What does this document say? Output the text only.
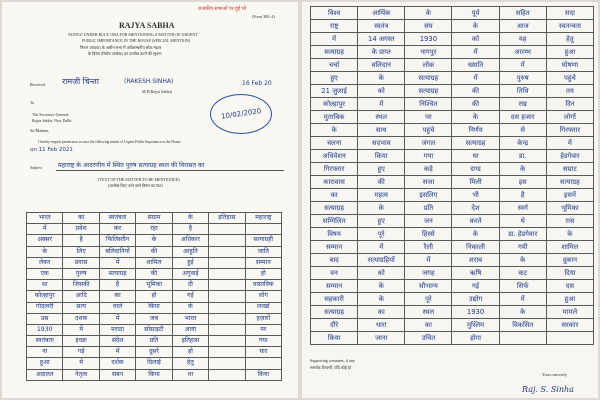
राजकीय सभाओं पर हुई भी
(Form 3BL-4)
RAJYA SABHA
NOTICE UNDER RULE 180A FOR MENTIONING A MATTER OF URGENT
PUBLIC IMPORTANCE IN THE HOUSE (SPECIAL MENTION)
नियम 180(क) के अधीन सभा में अविलम्बनीय लोक महत्व
के विषय (विशेष उल्लेख) का उल्लेख करने की सूचना
Received रामजी चिन्ता	(RAKESH SINHA)
M.P.(Rajya Sabha)
16 Feb 20
10/02/2020
To
The Secretary-General,
Rajya Sabha, New Delhi.
Sir/Madam,
I hereby request permission to raise the following matter of Urgent Public Importance in the House
on 11 Feb 2021
Subject	महाराष्ट्र के आदरणीय में स्थित पुरुष सत्याग्रह स्थल की विरासत का
(TEXT OF THE MATTER TO BE MENTIONED)
(उल्लेख किए जाने वाले विषय का पाठ)
भारत	का	स्वतंत्रता	संग्राम	के	इतिहास	महाराष्ट्र
में	प्रवेश	कर	रहा	है		
अक्सर	है	फिलिस्तीन	के	अधिकार		सत्याग्रही
के	लिए	बलिदानियों	की	आहुति		जाति
लेकर	प्रवास	में	शामिल	हुई		सम्मान
एक	पुरुष	सत्याग्रह	की	अगुवाई		हो
था	जिसकी	है	भूमिका	दी		वास्तविक
कोल्हापुर	आदि	का	हो	गई		लोग
गोदावरी	सत्य	वाले	किया	के		लाखों
उस	दशक	में	जब	भारत		हज़ारों
1930	में	मराठा	सोसाइटी	आया		पर
स्वतंत्रता	इच्छा	संदेश	प्रति	इतिहास		गया
ना	गई	में	दुसरे	हो		चार
हुआ	में	दर्शक	दिलाई	हेतु		
अदालत	नेतृत्व	सबन	किया	था		किया
विश्व	आर्थिक	के	पूर्व	सहित	सदा
राष्ट्र	स्वतंत्र	संघ	के	आज	स्वतन्त्रता
में	14 अगस्त	1930	को	यह	हेतु
सत्याग्रह	के प्राप्त	नागपुर	में	आरम्भ	हुआ
चर्चा	बलिदान	लोक	ख्याति	में	घोषणा
हुए	के	सत्याग्रह	में	पुरुष	पहुंचे
21 जुलाई	को	सत्याग्रह	की	तिथि	तय
कोल्हापुर	में	निश्चित	की	रख	दिन
मुताबिक	स्थल	पर	के	दस हजार	लोगों
के	साथ	पहुंचे	निर्णय	से	गिरफ्तार
चलना	सदभाव	जंगल	सत्याग्रह	केन्द्र	में
अधिवेशन	किया	गया	था	डा.	हेडगेवार
गिरफ्तार	हुए	कड़े	दण्ड	के	सम्राट
कारावास	की	सजा	मिली	इस	सत्याग्रह
का	महत्व	इसलिए	भी	है	इसमें
सत्याग्रह	के	प्रति	देश	स्वर्ग	भूमिका
सम्मिलित	हुए	जन	करते	थे	रास
विषय	पूरे	हिस्से	के	डा. हेडगेवार	के
सम्मान	में	रैली	निकाली	गयी	शामिल
बाद	सत्याग्रहियों	में	शराब	के	दुकान
वन	को	जगह	ऋषि	कट	दिया
सम्मान	के	सौभाग्य	गई	सिर्फ	दस
सहकारी	के	पूरे	उद्योग	में	हुआ
सत्याग्रह	का	स्थल	1930	के	मामले
दौरे	धारा	का	मुस्लिम	विकसित	सरकार
किया	जाना	उचित	होगा		
Supporting comment, if any
समर्थक टिप्पणी, यदि कोई हो
Yours sincerely
Raj. S. Sinha
